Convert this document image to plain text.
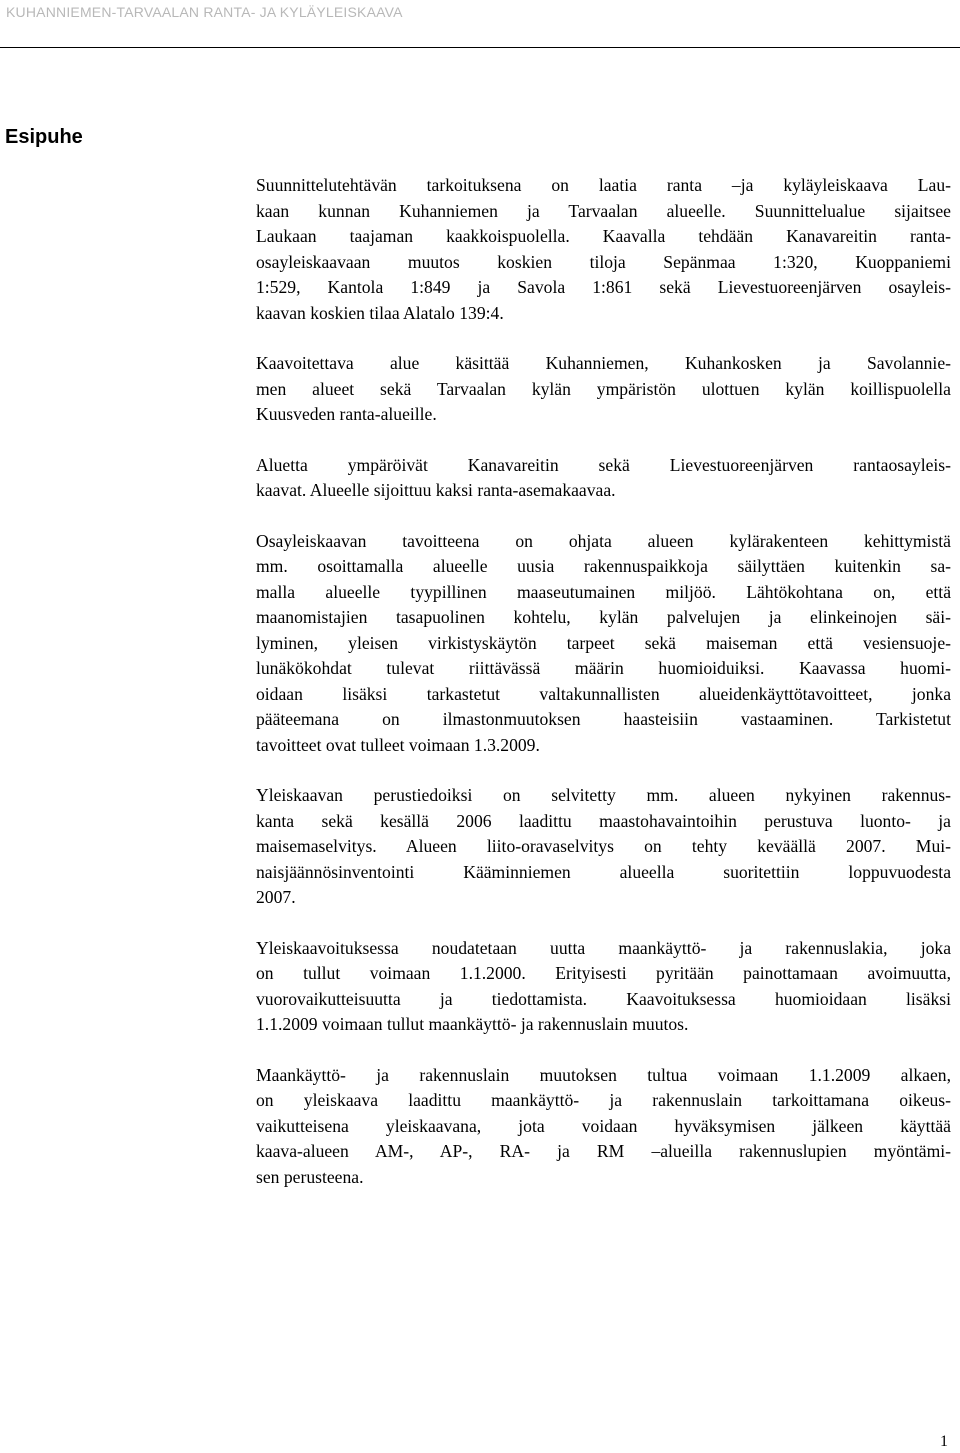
KUHANNIEMEN-TARVAALAN RANTA- JA KYLÄYLEISKAAVA
Esipuhe

Suunnittelutehtävän tarkoituksena on laatia ranta –ja kyläyleiskaava Lau-
kaan kunnan Kuhanniemen ja Tarvaalan alueelle. Suunnittelualue sijaitsee
Laukaan taajaman kaakkoispuolella. Kaavalla tehdään Kanavareitin ranta-
osayleiskaavaan muutos koskien tiloja Sepänmaa 1:320, Kuoppaniemi
1:529, Kantola 1:849 ja Savola 1:861 sekä Lievestuoreenjärven osayleis-
kaavan koskien tilaa Alatalo 139:4.

Kaavoitettava alue käsittää Kuhanniemen, Kuhankosken ja Savolannie-
men alueet sekä Tarvaalan kylän ympäristön ulottuen kylän koillispuolella
Kuusveden ranta-alueille.

Aluetta ympäröivät Kanavareitin sekä Lievestuoreenjärven rantaosayleis-
kaavat. Alueelle sijoittuu kaksi ranta-asemakaavaa.

Osayleiskaavan tavoitteena on ohjata alueen kylärakenteen kehittymistä
mm. osoittamalla alueelle uusia rakennuspaikkoja säilyttäen kuitenkin sa-
malla alueelle tyypillinen maaseutumainen miljöö. Lähtökohtana on, että
maanomistajien tasapuolinen kohtelu, kylän palvelujen ja elinkeinojen säi-
lyminen, yleisen virkistyskäytön tarpeet sekä maiseman että vesiensuoje-
lunäkökohdat tulevat riittävässä määrin huomioiduiksi. Kaavassa huomi-
oidaan lisäksi tarkastetut valtakunnallisten alueidenkäyttötavoitteet, jonka
pääteemana on ilmastonmuutoksen haasteisiin vastaaminen. Tarkistetut
tavoitteet ovat tulleet voimaan 1.3.2009.

Yleiskaavan perustiedoiksi on selvitetty mm. alueen nykyinen rakennus-
kanta sekä kesällä 2006 laadittu maastohavaintoihin perustuva luonto- ja
maisemaselvitys. Alueen liito-oravaselvitys on tehty keväällä 2007. Mui-
naisjäännösinventointi Kääminniemen alueella suoritettiin loppuvuodesta
2007.

Yleiskaavoituksessa noudatetaan uutta maankäyttö- ja rakennuslakia, joka
on tullut voimaan 1.1.2000. Erityisesti pyritään painottamaan avoimuutta,
vuorovaikutteisuutta ja tiedottamista. Kaavoituksessa huomioidaan lisäksi
1.1.2009 voimaan tullut maankäyttö- ja rakennuslain muutos.

Maankäyttö- ja rakennuslain muutoksen tultua voimaan 1.1.2009 alkaen,
on yleiskaava laadittu maankäyttö- ja rakennuslain tarkoittamana oikeus-
vaikutteisena yleiskaavana, jota voidaan hyväksymisen jälkeen käyttää
kaava-alueen AM-, AP-, RA- ja RM –alueilla rakennuslupien myöntämi-
sen perusteena.

1
